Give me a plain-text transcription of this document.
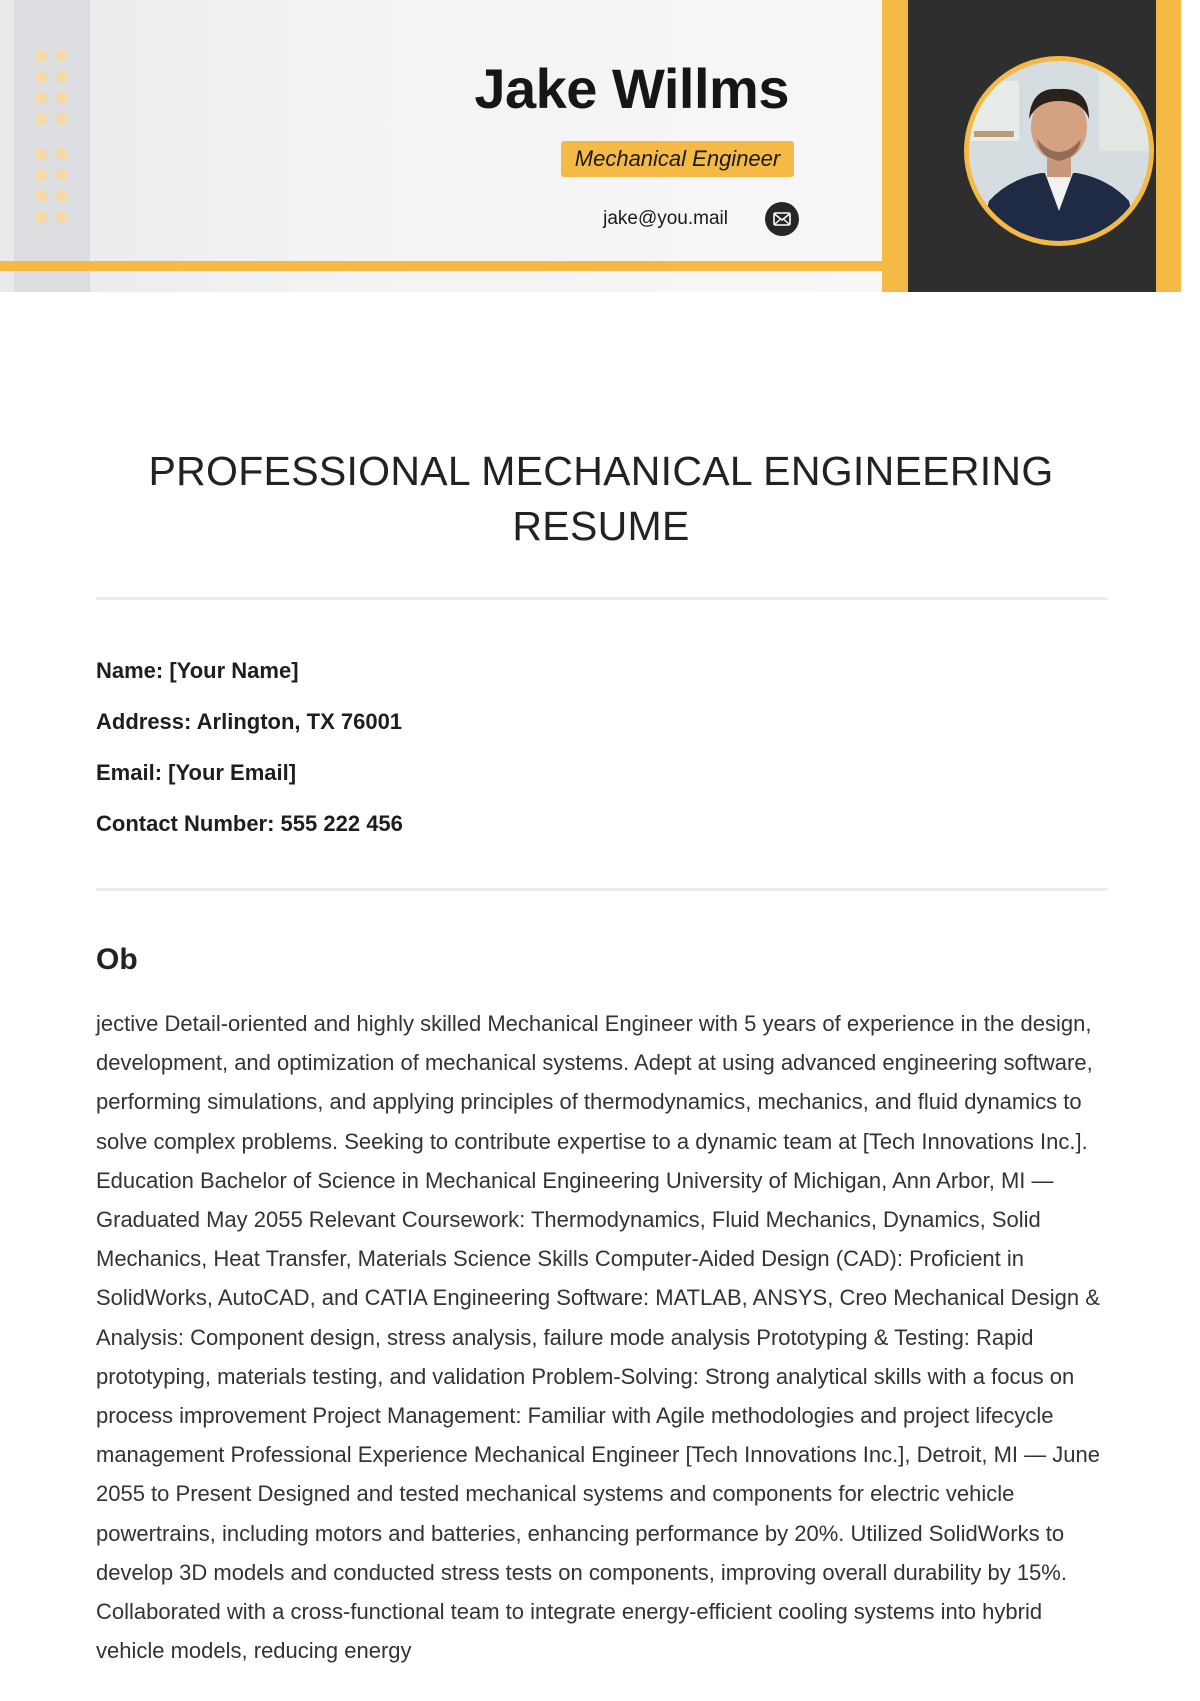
Jake Willms
Mechanical Engineer
jake@you.mail
PROFESSIONAL MECHANICAL ENGINEERING
RESUME
Name: [Your Name]
Address: Arlington, TX 76001
Email: [Your Email]
Contact Number: 555 222 456
Ob
jective Detail-oriented and highly skilled Mechanical Engineer with 5 years of experience in the design, development, and optimization of mechanical systems. Adept at using advanced engineering software, performing simulations, and applying principles of thermodynamics, mechanics, and fluid dynamics to solve complex problems. Seeking to contribute expertise to a dynamic team at [Tech Innovations Inc.]. Education Bachelor of Science in Mechanical Engineering University of Michigan, Ann Arbor, MI — Graduated May 2055 Relevant Coursework: Thermodynamics, Fluid Mechanics, Dynamics, Solid Mechanics, Heat Transfer, Materials Science Skills Computer-Aided Design (CAD): Proficient in SolidWorks, AutoCAD, and CATIA Engineering Software: MATLAB, ANSYS, Creo Mechanical Design & Analysis: Component design, stress analysis, failure mode analysis Prototyping & Testing: Rapid prototyping, materials testing, and validation Problem-Solving: Strong analytical skills with a focus on process improvement Project Management: Familiar with Agile methodologies and project lifecycle management Professional Experience Mechanical Engineer [Tech Innovations Inc.], Detroit, MI — June 2055 to Present Designed and tested mechanical systems and components for electric vehicle powertrains, including motors and batteries, enhancing performance by 20%. Utilized SolidWorks to develop 3D models and conducted stress tests on components, improving overall durability by 15%. Collaborated with a cross-functional team to integrate energy-efficient cooling systems into hybrid vehicle models, reducing energy
